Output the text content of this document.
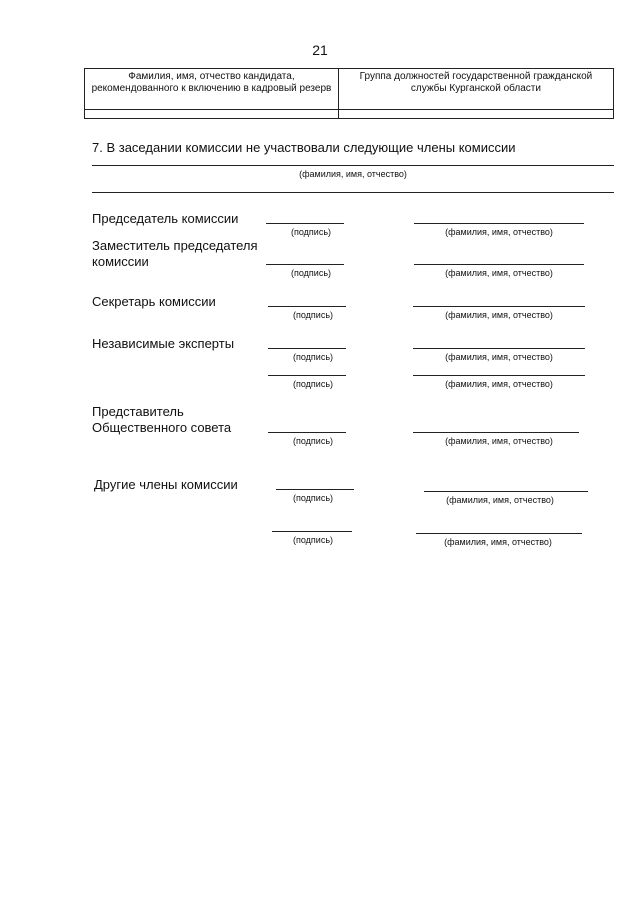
21
Фамилия, имя, отчество кандидата, рекомендованного к включению в кадровый резерв	Группа должностей государственной гражданской службы Курганской области

7. В заседании комиссии не участвовали следующие члены комиссии
(фамилия, имя, отчество)
Председатель комиссии
(подпись)	(фамилия, имя, отчество)
Заместитель председателя
комиссии
(подпись)	(фамилия, имя, отчество)
Секретарь комиссии
(подпись)	(фамилия, имя, отчество)
Независимые эксперты
(подпись)	(фамилия, имя, отчество)
(подпись)	(фамилия, имя, отчество)
Представитель
Общественного совета
(подпись)	(фамилия, имя, отчество)
Другие члены комиссии
(подпись)	(фамилия, имя, отчество)
(подпись)	(фамилия, имя, отчество)
